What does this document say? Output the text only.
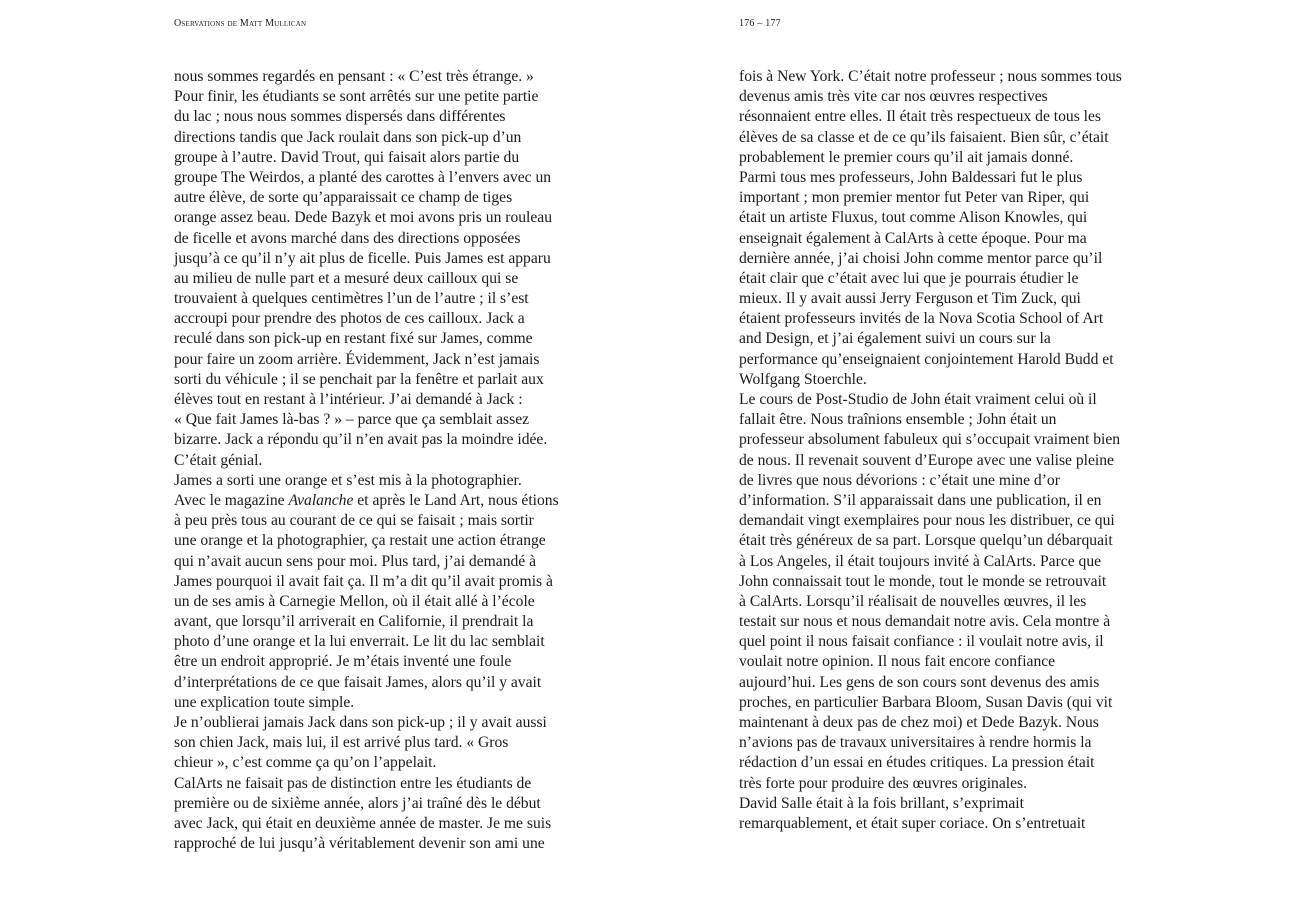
Oservations de Matt Mullican	176 – 177
nous sommes regardés en pensant : « C’est très étrange. »
Pour finir, les étudiants se sont arrêtés sur une petite partie
du lac ; nous nous sommes dispersés dans différentes
directions tandis que Jack roulait dans son pick-up d’un
groupe à l’autre. David Trout, qui faisait alors partie du
groupe The Weirdos, a planté des carottes à l’envers avec un
autre élève, de sorte qu’apparaissait ce champ de tiges
orange assez beau. Dede Bazyk et moi avons pris un rouleau
de ficelle et avons marché dans des directions opposées
jusqu’à ce qu’il n’y ait plus de ficelle. Puis James est apparu
au milieu de nulle part et a mesuré deux cailloux qui se
trouvaient à quelques centimètres l’un de l’autre ; il s’est
accroupi pour prendre des photos de ces cailloux. Jack a
reculé dans son pick-up en restant fixé sur James, comme
pour faire un zoom arrière. Évidemment, Jack n’est jamais
sorti du véhicule ; il se penchait par la fenêtre et parlait aux
élèves tout en restant à l’intérieur. J’ai demandé à Jack :
« Que fait James là-bas ? » – parce que ça semblait assez
bizarre. Jack a répondu qu’il n’en avait pas la moindre idée.
C’était génial.
James a sorti une orange et s’est mis à la photographier.
Avec le magazine Avalanche et après le Land Art, nous étions
à peu près tous au courant de ce qui se faisait ; mais sortir
une orange et la photographier, ça restait une action étrange
qui n’avait aucun sens pour moi. Plus tard, j’ai demandé à
James pourquoi il avait fait ça. Il m’a dit qu’il avait promis à
un de ses amis à Carnegie Mellon, où il était allé à l’école
avant, que lorsqu’il arriverait en Californie, il prendrait la
photo d’une orange et la lui enverrait. Le lit du lac semblait
être un endroit approprié. Je m’étais inventé une foule
d’interprétations de ce que faisait James, alors qu’il y avait
une explication toute simple.
Je n’oublierai jamais Jack dans son pick-up ; il y avait aussi
son chien Jack, mais lui, il est arrivé plus tard. « Gros
chieur », c’est comme ça qu’on l’appelait.
CalArts ne faisait pas de distinction entre les étudiants de
première ou de sixième année, alors j’ai traîné dès le début
avec Jack, qui était en deuxième année de master. Je me suis
rapproché de lui jusqu’à véritablement devenir son ami une
fois à New York. C’était notre professeur ; nous sommes tous
devenus amis très vite car nos œuvres respectives
résonnaient entre elles. Il était très respectueux de tous les
élèves de sa classe et de ce qu’ils faisaient. Bien sûr, c’était
probablement le premier cours qu’il ait jamais donné.
Parmi tous mes professeurs, John Baldessari fut le plus
important ; mon premier mentor fut Peter van Riper, qui
était un artiste Fluxus, tout comme Alison Knowles, qui
enseignait également à CalArts à cette époque. Pour ma
dernière année, j’ai choisi John comme mentor parce qu’il
était clair que c’était avec lui que je pourrais étudier le
mieux. Il y avait aussi Jerry Ferguson et Tim Zuck, qui
étaient professeurs invités de la Nova Scotia School of Art
and Design, et j’ai également suivi un cours sur la
performance qu’enseignaient conjointement Harold Budd et
Wolfgang Stoerchle.
Le cours de Post-Studio de John était vraiment celui où il
fallait être. Nous traînions ensemble ; John était un
professeur absolument fabuleux qui s’occupait vraiment bien
de nous. Il revenait souvent d’Europe avec une valise pleine
de livres que nous dévorions : c’était une mine d’or
d’information. S’il apparaissait dans une publication, il en
demandait vingt exemplaires pour nous les distribuer, ce qui
était très généreux de sa part. Lorsque quelqu’un débarquait
à Los Angeles, il était toujours invité à CalArts. Parce que
John connaissait tout le monde, tout le monde se retrouvait
à CalArts. Lorsqu’il réalisait de nouvelles œuvres, il les
testait sur nous et nous demandait notre avis. Cela montre à
quel point il nous faisait confiance : il voulait notre avis, il
voulait notre opinion. Il nous fait encore confiance
aujourd’hui. Les gens de son cours sont devenus des amis
proches, en particulier Barbara Bloom, Susan Davis (qui vit
maintenant à deux pas de chez moi) et Dede Bazyk. Nous
n’avions pas de travaux universitaires à rendre hormis la
rédaction d’un essai en études critiques. La pression était
très forte pour produire des œuvres originales.
David Salle était à la fois brillant, s’exprimait
remarquablement, et était super coriace. On s’entretuait
